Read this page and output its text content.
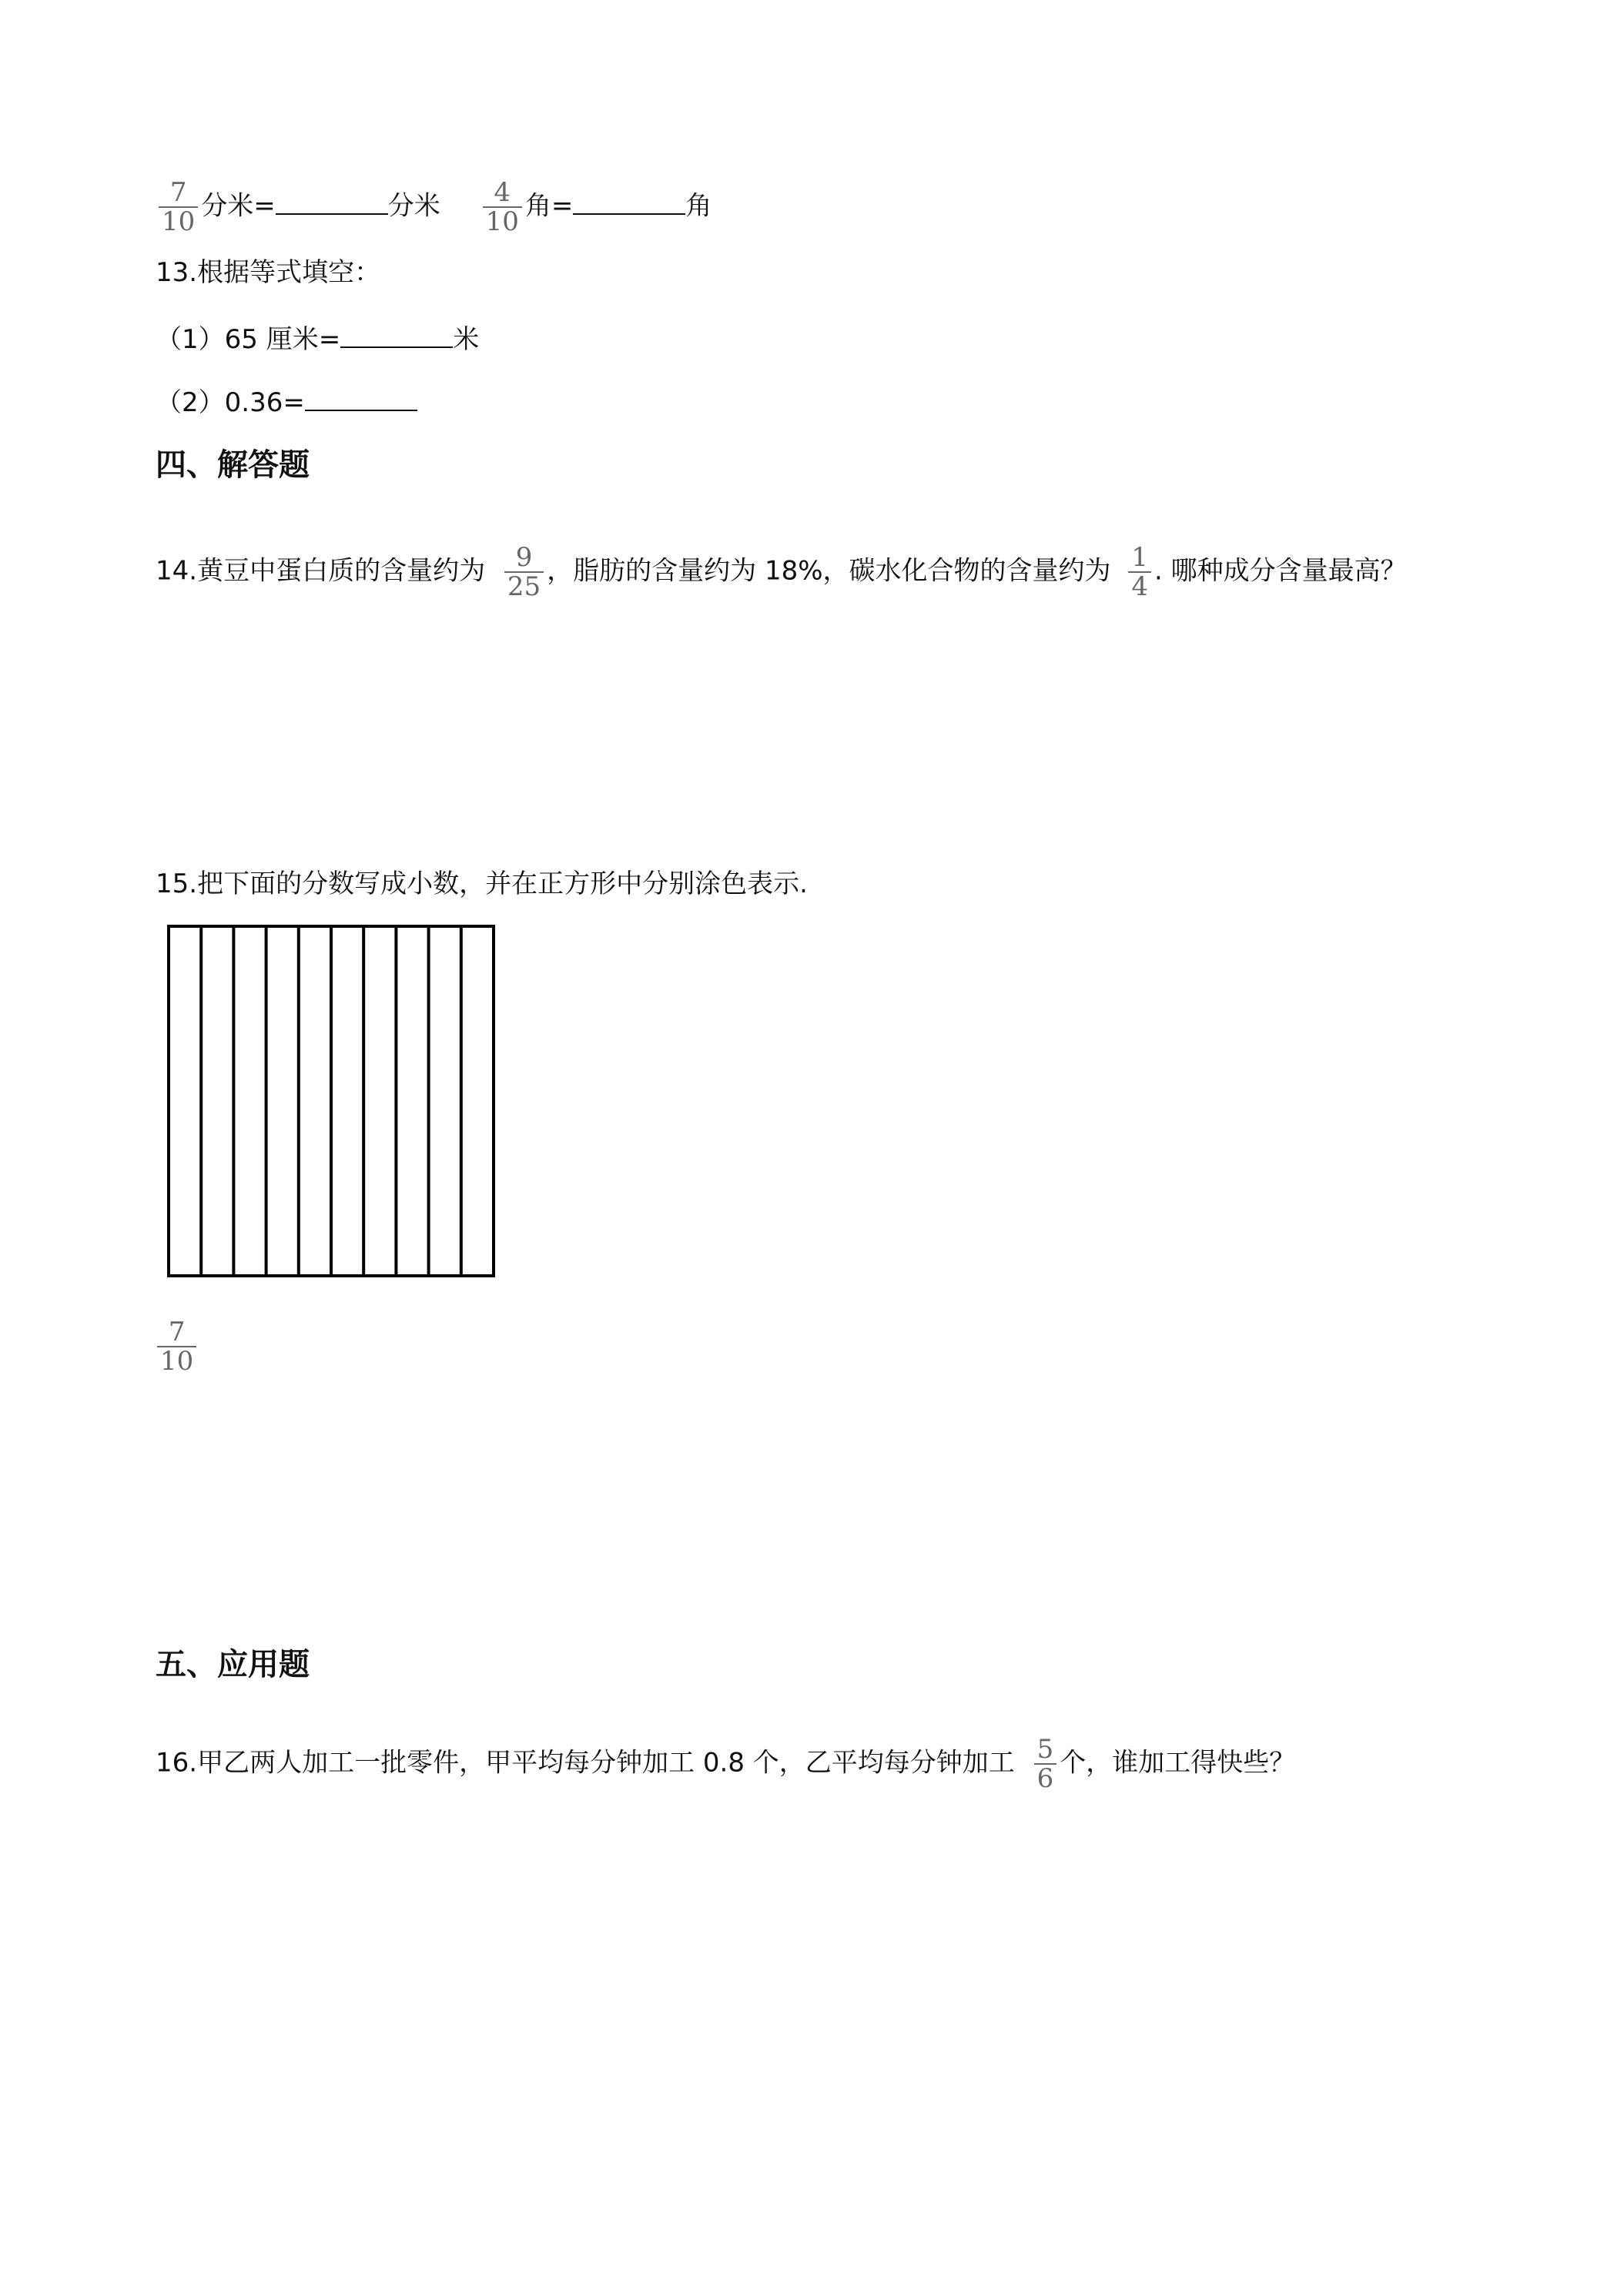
$\frac{7}{10}$ 分米=	分米 $\frac{4}{10}$ 角=	角
13.根据等式填空：
（1）65 厘米=	米
（2）0.36=
四、解答题
14.黄豆中蛋白质的含量约为 $\frac{9}{25}$ ，脂肪的含量约为 18%，碳水化合物的含量约为 $\frac{1}{4}$ . 哪种成分含量最高？
15.把下面的分数写成小数，并在正方形中分别涂色表示.
7
10
五、应用题
16.甲乙两人加工一批零件，甲平均每分钟加工 0.8 个，乙平均每分钟加工 $\frac{5}{6}$ 个，谁加工得快些？
